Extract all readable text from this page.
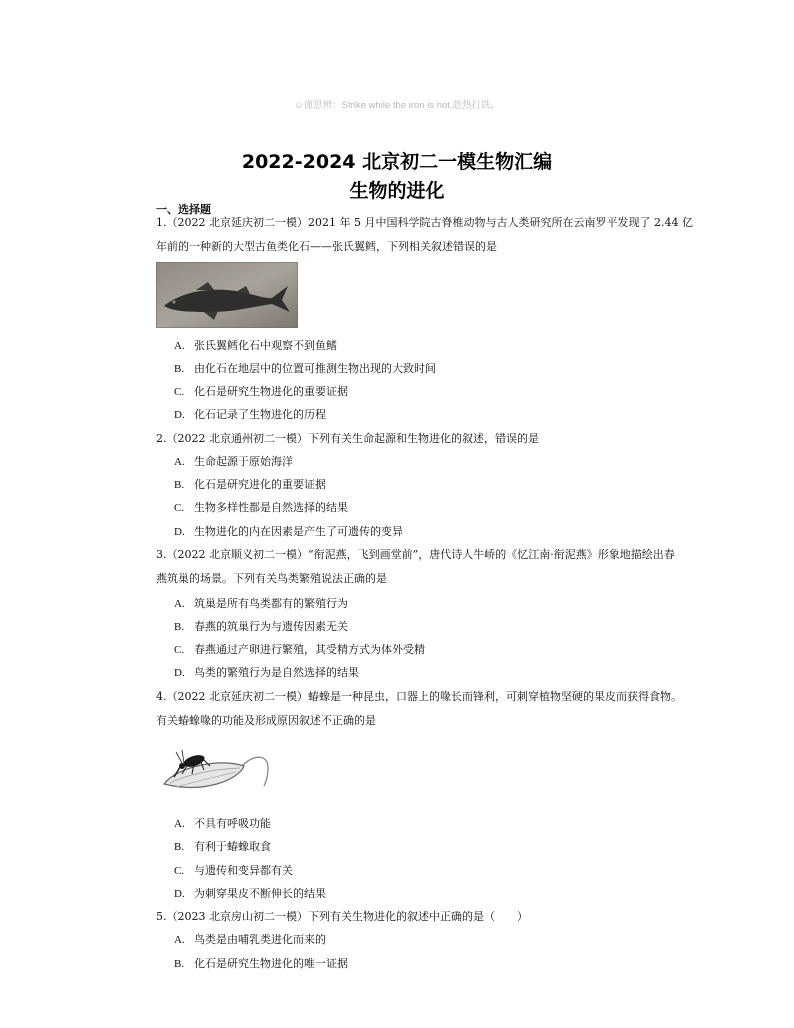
☺谨思辨：Strike while the iron is hot.趁热打铁。
2022-2024 北京初二一模生物汇编
生物的进化
一、选择题
1.（2022 北京延庆初二一模）2021 年 5 月中国科学院古脊椎动物与古人类研究所在云南罗平发现了 2.44 亿
年前的一种新的大型古鱼类化石——张氏翼鳕，下列相关叙述错误的是
A. 张氏翼鳕化石中观察不到鱼鳍
B. 由化石在地层中的位置可推测生物出现的大致时间
C. 化石是研究生物进化的重要证据
D. 化石记录了生物进化的历程
2.（2022 北京通州初二一模）下列有关生命起源和生物进化的叙述，错误的是
A. 生命起源于原始海洋
B. 化石是研究进化的重要证据
C. 生物多样性都是自然选择的结果
D. 生物进化的内在因素是产生了可遗传的变异
3.（2022 北京顺义初二一模）“衔泥燕，飞到画堂前”，唐代诗人牛峤的《忆江南·衔泥燕》形象地描绘出春
燕筑巢的场景。下列有关鸟类繁殖说法正确的是
A. 筑巢是所有鸟类都有的繁殖行为
B. 春燕的筑巢行为与遗传因素无关
C. 春燕通过产卵进行繁殖，其受精方式为体外受精
D. 鸟类的繁殖行为是自然选择的结果
4.（2022 北京延庆初二一模）蝽蟓是一种昆虫，口器上的喙长而锋利，可刺穿植物坚硬的果皮而获得食物。
有关蝽蟓喙的功能及形成原因叙述不正确的是
A. 不具有呼吸功能
B. 有利于蝽蟓取食
C. 与遗传和变异都有关
D. 为刺穿果皮不断伸长的结果
5.（2023 北京房山初二一模）下列有关生物进化的叙述中正确的是（　　）
A. 鸟类是由哺乳类进化而来的
B. 化石是研究生物进化的唯一证据
